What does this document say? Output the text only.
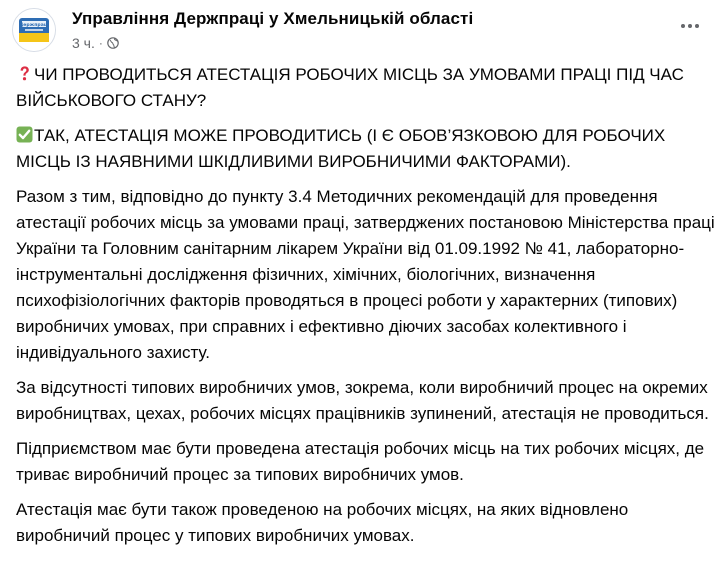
Держпраці Управління Держпраці у Хмельницькій області
3 ч. ·

ЧИ ПРОВОДИТЬСЯ АТЕСТАЦІЯ РОБОЧИХ МІСЦЬ ЗА УМОВАМИ ПРАЦІ ПІД ЧАС ВІЙСЬКОВОГО СТАНУ?

ТАК, АТЕСТАЦІЯ МОЖЕ ПРОВОДИТИСЬ (І Є ОБОВ’ЯЗКОВОЮ ДЛЯ РОБОЧИХ МІСЦЬ ІЗ НАЯВНИМИ ШКІДЛИВИМИ ВИРОБНИЧИМИ ФАКТОРАМИ).

Разом з тим, відповідно до пункту 3.4 Методичних рекомендацій для проведення атестації робочих місць за умовами праці, затверджених постановою Міністерства праці України та Головним санітарним лікарем України від 01.09.1992 № 41, лабораторно-інструментальні дослідження фізичних, хімічних, біологічних, визначення психофізіологічних факторів проводяться в процесі роботи у характерних (типових) виробничих умовах, при справних і ефективно діючих засобах колективного і індивідуального захисту.

За відсутності типових виробничих умов, зокрема, коли виробничий процес на окремих виробництвах, цехах, робочих місцях працівників зупинений, атестація не проводиться.

Підприємством має бути проведена атестація робочих місць на тих робочих місцях, де триває виробничий процес за типових виробничих умов.

Атестація має бути також проведеною на робочих місцях, на яких відновлено виробничий процес у типових виробничих умовах.
